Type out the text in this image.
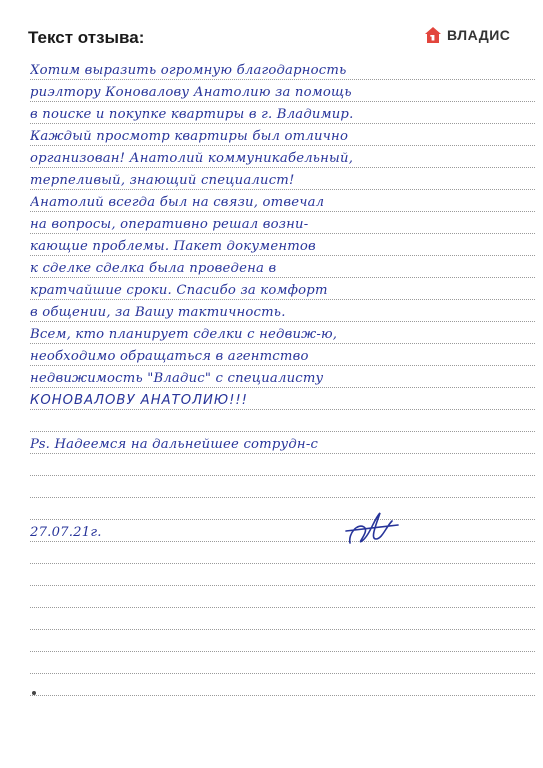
Текст отзыва:	ВЛАДИС
Хотим выразить огромную благодарность
риэлтору Коновалову Анатолию за помощь
в поиске и покупке квартиры в г. Владимир.
Каждый просмотр квартиры был отлично
организован! Анатолий коммуникабельный,
терпеливый, знающий специалист!
Анатолий всегда был на связи, отвечал
на вопросы, оперативно решал возни-
кающие проблемы. Пакет документов
к сделке сделка была проведена в
кратчайшие сроки. Спасибо за комфорт
в общении, за Вашу тактичность.
Всем, кто планирует сделки с недвиж-ю,
необходимо обращаться в агентство
недвижимость "Владис" с специалисту
КОНОВАЛОВУ АНАТОЛИЮ!!!
Ps. Надеемся на дальнейшее сотрудн-с
27.07.21г.
